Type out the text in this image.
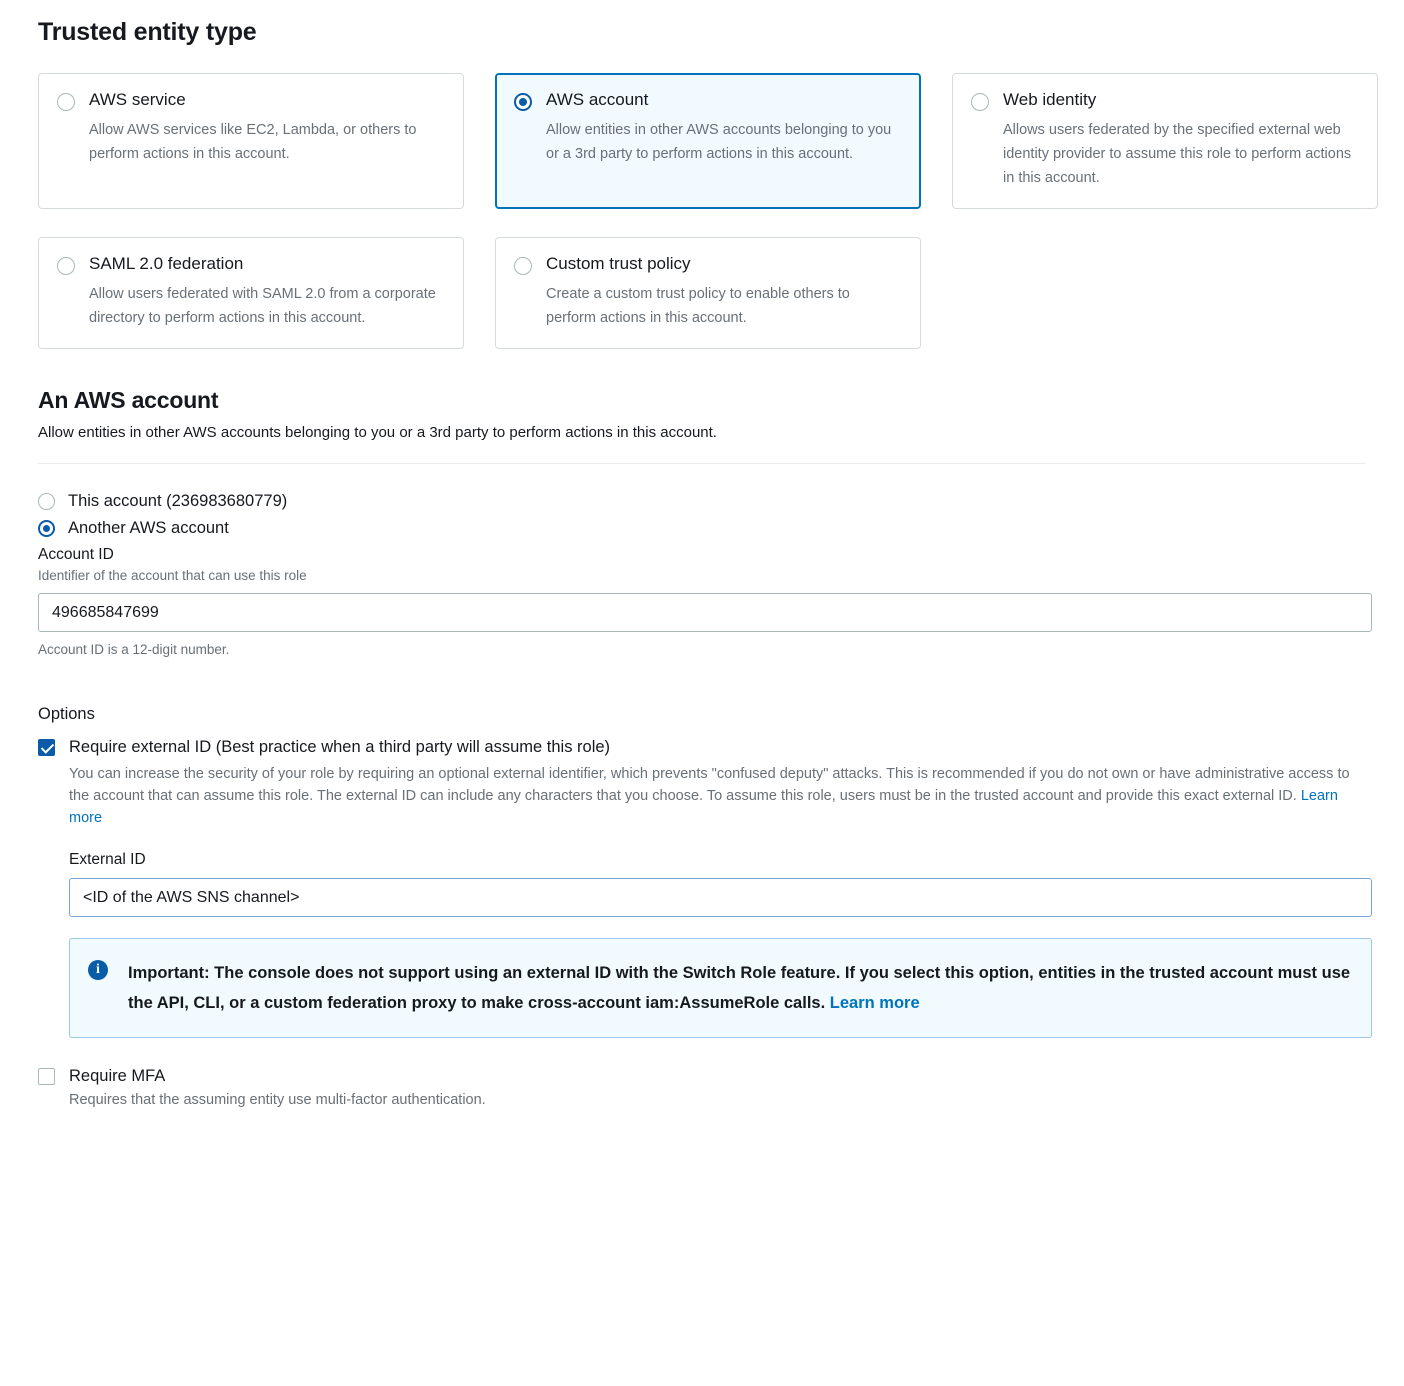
Trusted entity type
AWS service
Allow AWS services like EC2, Lambda, or others to perform actions in this account.
AWS account
Allow entities in other AWS accounts belonging to you or a 3rd party to perform actions in this account.
Web identity
Allows users federated by the specified external web identity provider to assume this role to perform actions in this account.
SAML 2.0 federation
Allow users federated with SAML 2.0 from a corporate directory to perform actions in this account.
Custom trust policy
Create a custom trust policy to enable others to perform actions in this account.
An AWS account
Allow entities in other AWS accounts belonging to you or a 3rd party to perform actions in this account.
This account (236983680779)
Another AWS account
Account ID
Identifier of the account that can use this role
496685847699
Account ID is a 12-digit number.
Options
Require external ID (Best practice when a third party will assume this role)
You can increase the security of your role by requiring an optional external identifier, which prevents "confused deputy" attacks. This is recommended if you do not own or have administrative access to the account that can assume this role. The external ID can include any characters that you choose. To assume this role, users must be in the trusted account and provide this exact external ID. Learn more
External ID
<ID of the AWS SNS channel>
i	Important: The console does not support using an external ID with the Switch Role feature. If you select this option, entities in the trusted account must use the API, CLI, or a custom federation proxy to make cross-account iam:AssumeRole calls. Learn more
Require MFA
Requires that the assuming entity use multi-factor authentication.
